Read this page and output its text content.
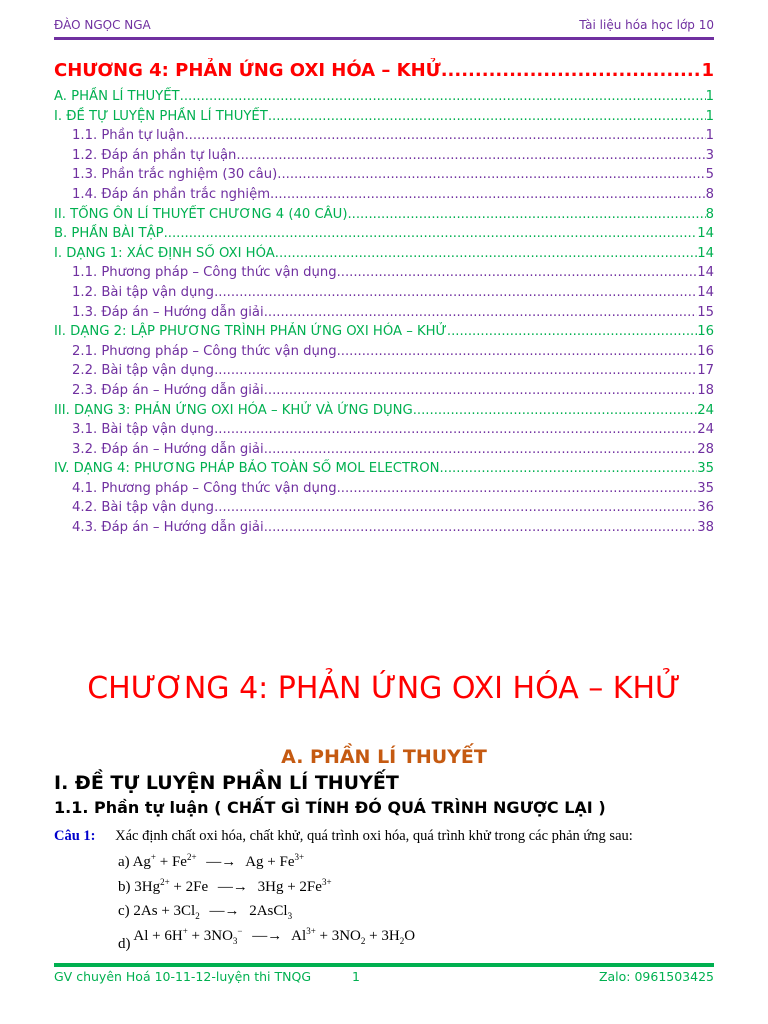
ĐÀO NGỌC NGA	Tài liệu hóa học lớp 10
CHƯƠNG 4: PHẢN ỨNG OXI HÓA – KHỬ .....	1
A. PHẦN LÍ THUYẾT .....	1
I. ĐỀ TỰ LUYỆN PHẦN LÍ THUYẾT .....	1
1.1. Phần tự luận .....	1
1.2. Đáp án phần tự luận .....	3
1.3. Phần trắc nghiệm (30 câu) .....	5
1.4. Đáp án phần trắc nghiệm .....	8
II. TỔNG ÔN LÍ THUYẾT CHƯƠNG 4 (40 CÂU) .....	8
B. PHẦN BÀI TẬP .....	14
I. DẠNG 1: XÁC ĐỊNH SỐ OXI HÓA .....	14
1.1. Phương pháp – Công thức vận dụng .....	14
1.2. Bài tập vận dụng .....	14
1.3. Đáp án – Hướng dẫn giải .....	15
II. DẠNG 2: LẬP PHƯƠNG TRÌNH PHẢN ỨNG OXI HÓA – KHỬ .....	16
2.1. Phương pháp – Công thức vận dụng .....	16
2.2. Bài tập vận dụng .....	17
2.3. Đáp án – Hướng dẫn giải .....	18
III. DẠNG 3: PHẢN ỨNG OXI HÓA – KHỬ VÀ ỨNG DỤNG .....	24
3.1. Bài tập vận dụng .....	24
3.2. Đáp án – Hướng dẫn giải .....	28
IV. DẠNG 4: PHƯƠNG PHÁP BẢO TOÀN SỐ MOL ELECTRON .....	35
4.1. Phương pháp – Công thức vận dụng .....	35
4.2. Bài tập vận dụng .....	36
4.3. Đáp án – Hướng dẫn giải .....	38
CHƯƠNG 4: PHẢN ỨNG OXI HÓA – KHỬ
A. PHẦN LÍ THUYẾT
I. ĐỀ TỰ LUYỆN PHẦN LÍ THUYẾT
1.1. Phần tự luận ( CHẤT GÌ TÍNH ĐÓ QUÁ TRÌNH NGƯỢC LẠI )
Câu 1: Xác định chất oxi hóa, chất khử, quá trình oxi hóa, quá trình khử trong các phản ứng sau:
a) $Ag^+ + Fe^{2+}$ —→ $Ag + Fe^{3+}$
b) $3Hg^{2+} + 2Fe$ —→ $3Hg + 2Fe^{3+}$
c) $2As + 3Cl_2$ —→ 2AsCl$_3$
d) $Al + 6H^+ + 3NO_3^-$ —→ $Al^{3+} + 3NO_2 + 3H_2O$
GV chuyên Hoá 10-11-12-luyện thi TNQG	1	Zalo: 0961503425
